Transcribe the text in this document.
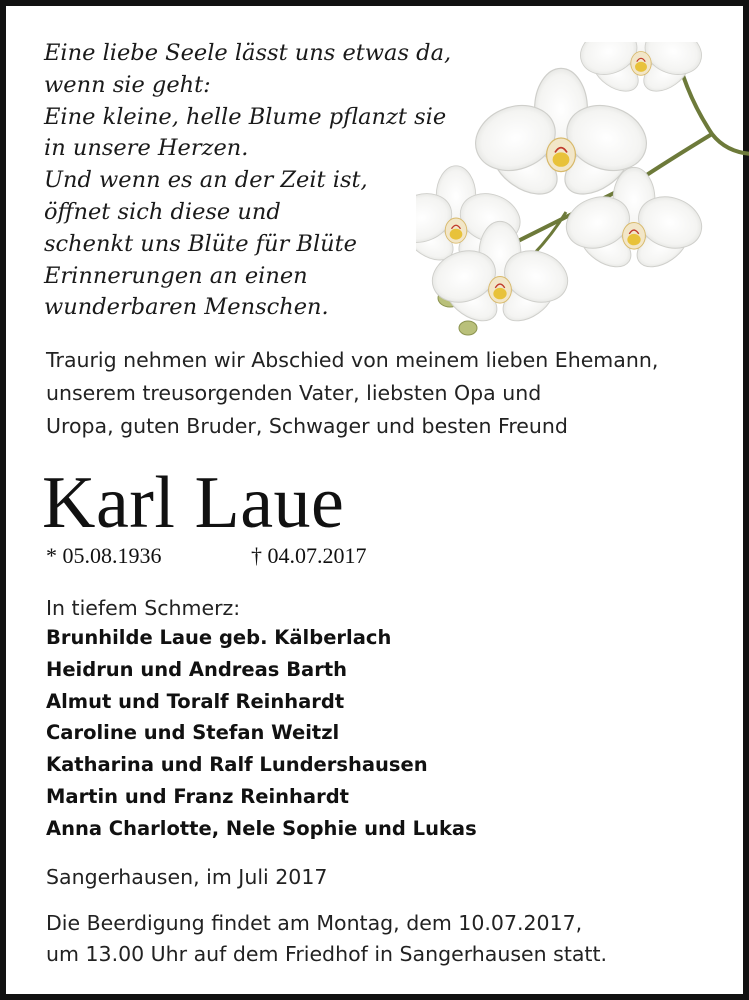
Eine liebe Seele lässt uns etwas da,
wenn sie geht:
Eine kleine, helle Blume pflanzt sie
in unsere Herzen.
Und wenn es an der Zeit ist,
öffnet sich diese und
schenkt uns Blüte für Blüte
Erinnerungen an einen
wunderbaren Menschen.
Traurig nehmen wir Abschied von meinem lieben Ehemann,
unserem treusorgenden Vater, liebsten Opa und
Uropa, guten Bruder, Schwager und besten Freund
Karl Laue
* 05.08.1936	† 04.07.2017
In tiefem Schmerz:
Brunhilde Laue geb. Kälberlach
Heidrun und Andreas Barth
Almut und Toralf Reinhardt
Caroline und Stefan Weitzl
Katharina und Ralf Lundershausen
Martin und Franz Reinhardt
Anna Charlotte, Nele Sophie und Lukas
Sangerhausen, im Juli 2017
Die Beerdigung findet am Montag, dem 10.07.2017,
um 13.00 Uhr auf dem Friedhof in Sangerhausen statt.
